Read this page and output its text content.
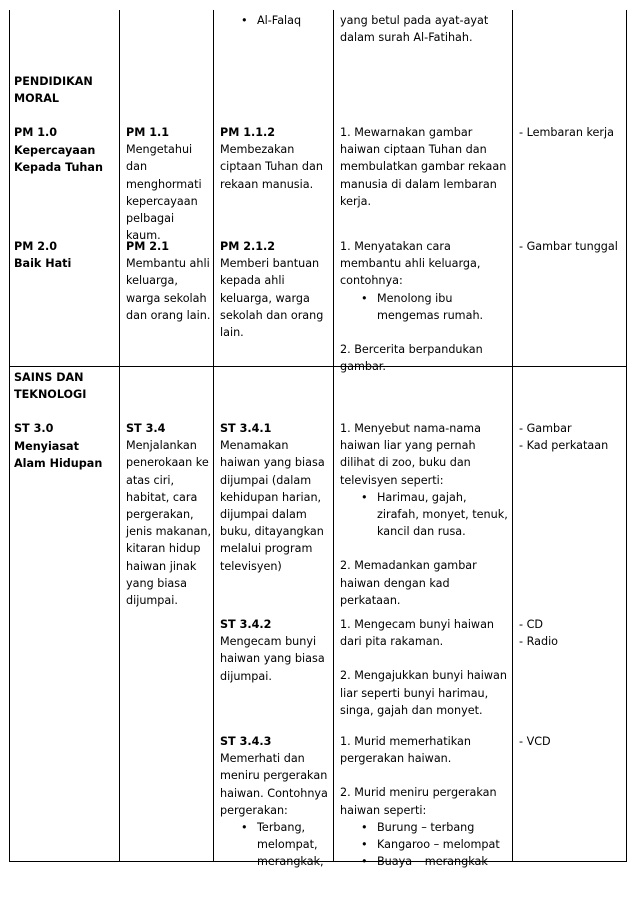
• Al-Falaq	yang betul pada ayat-ayat dalam surah Al-Fatihah.

PENDIDIKAN MORAL

PM 1.0

Kepercayaan Kepada Tuhan

PM 1.1

Mengetahui dan menghormati kepercayaan pelbagai kaum.

PM 1.1.2

Membezakan ciptaan Tuhan dan rekaan manusia.

1. Mewarnakan gambar haiwan ciptaan Tuhan dan membulatkan gambar rekaan manusia di dalam lembaran kerja.

- Lembaran kerja

PM 2.0

Baik Hati

PM 2.1

Membantu ahli keluarga, warga sekolah dan orang lain.

PM 2.1.2

Memberi bantuan kepada ahli keluarga, warga sekolah dan orang lain.

1. Menyatakan cara membantu ahli keluarga, contohnya:

• Menolong ibu mengemas rumah.

2. Bercerita berpandukan gambar.

- Gambar tunggal

SAINS DAN TEKNOLOGI

ST 3.0

Menyiasat Alam Hidupan

ST 3.4

Menjalankan penerokaan ke atas ciri, habitat, cara pergerakan, jenis makanan, kitaran hidup haiwan jinak yang biasa dijumpai.

ST 3.4.1

Menamakan haiwan yang biasa dijumpai (dalam kehidupan harian, dijumpai dalam buku, ditayangkan melalui program televisyen)

1. Menyebut nama-nama haiwan liar yang pernah dilihat di zoo, buku dan televisyen seperti:

• Harimau, gajah, zirafah, monyet, tenuk, kancil dan rusa.

2. Memadankan gambar haiwan dengan kad perkataan.

- Gambar

- Kad perkataan

ST 3.4.2

Mengecam bunyi haiwan yang biasa dijumpai.

1. Mengecam bunyi haiwan dari pita rakaman.

2. Mengajukkan bunyi haiwan liar seperti bunyi harimau, singa, gajah dan monyet.

- CD

- Radio

ST 3.4.3

Memerhati dan meniru pergerakan haiwan. Contohnya pergerakan:

• Terbang, melompat, merangkak,

1. Murid memerhatikan pergerakan haiwan.

2. Murid meniru pergerakan haiwan seperti:

• Burung – terbang
• Kangaroo – melompat
• Buaya – merangkak

- VCD
